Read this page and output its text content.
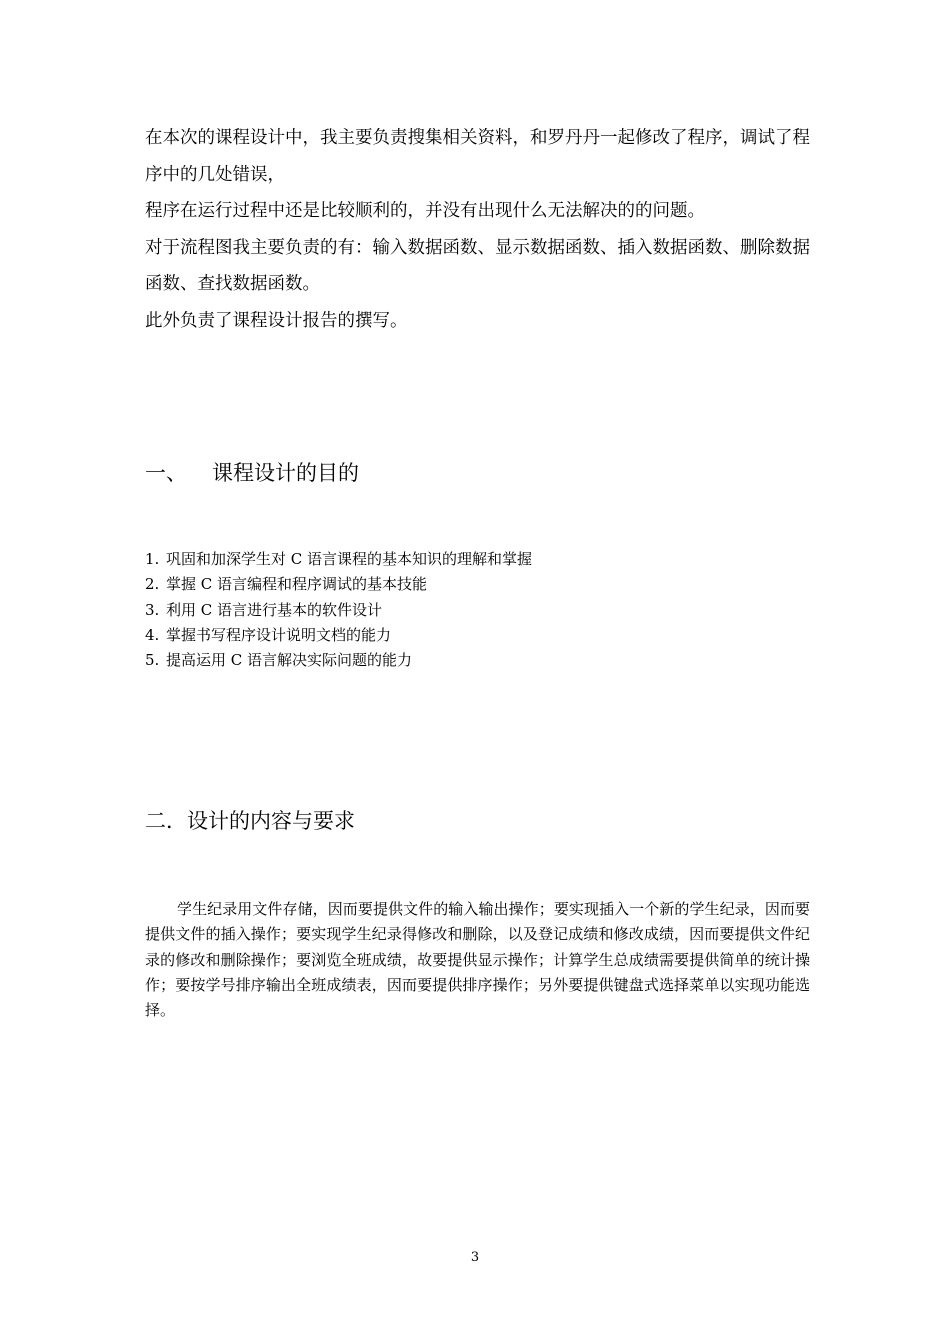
在本次的课程设计中，我主要负责搜集相关资料，和罗丹丹一起修改了程序，调试了程序中的几处错误，

程序在运行过程中还是比较顺利的，并没有出现什么无法解决的的问题。

对于流程图我主要负责的有：输入数据函数、显示数据函数、插入数据函数、删除数据函数、查找数据函数。

此外负责了课程设计报告的撰写。

一、 课程设计的目的
1. 巩固和加深学生对 C 语言课程的基本知识的理解和掌握
2. 掌握 C 语言编程和程序调试的基本技能
3. 利用 C 语言进行基本的软件设计
4. 掌握书写程序设计说明文档的能力
5. 提高运用 C 语言解决实际问题的能力
二．设计的内容与要求

学生纪录用文件存储，因而要提供文件的输入输出操作；要实现插入一个新的学生纪录，因而要提供文件的插入操作；要实现学生纪录得修改和删除，以及登记成绩和修改成绩，因而要提供文件纪录的修改和删除操作；要浏览全班成绩，故要提供显示操作；计算学生总成绩需要提供简单的统计操作；要按学号排序输出全班成绩表，因而要提供排序操作；另外要提供键盘式选择菜单以实现功能选择。

3
